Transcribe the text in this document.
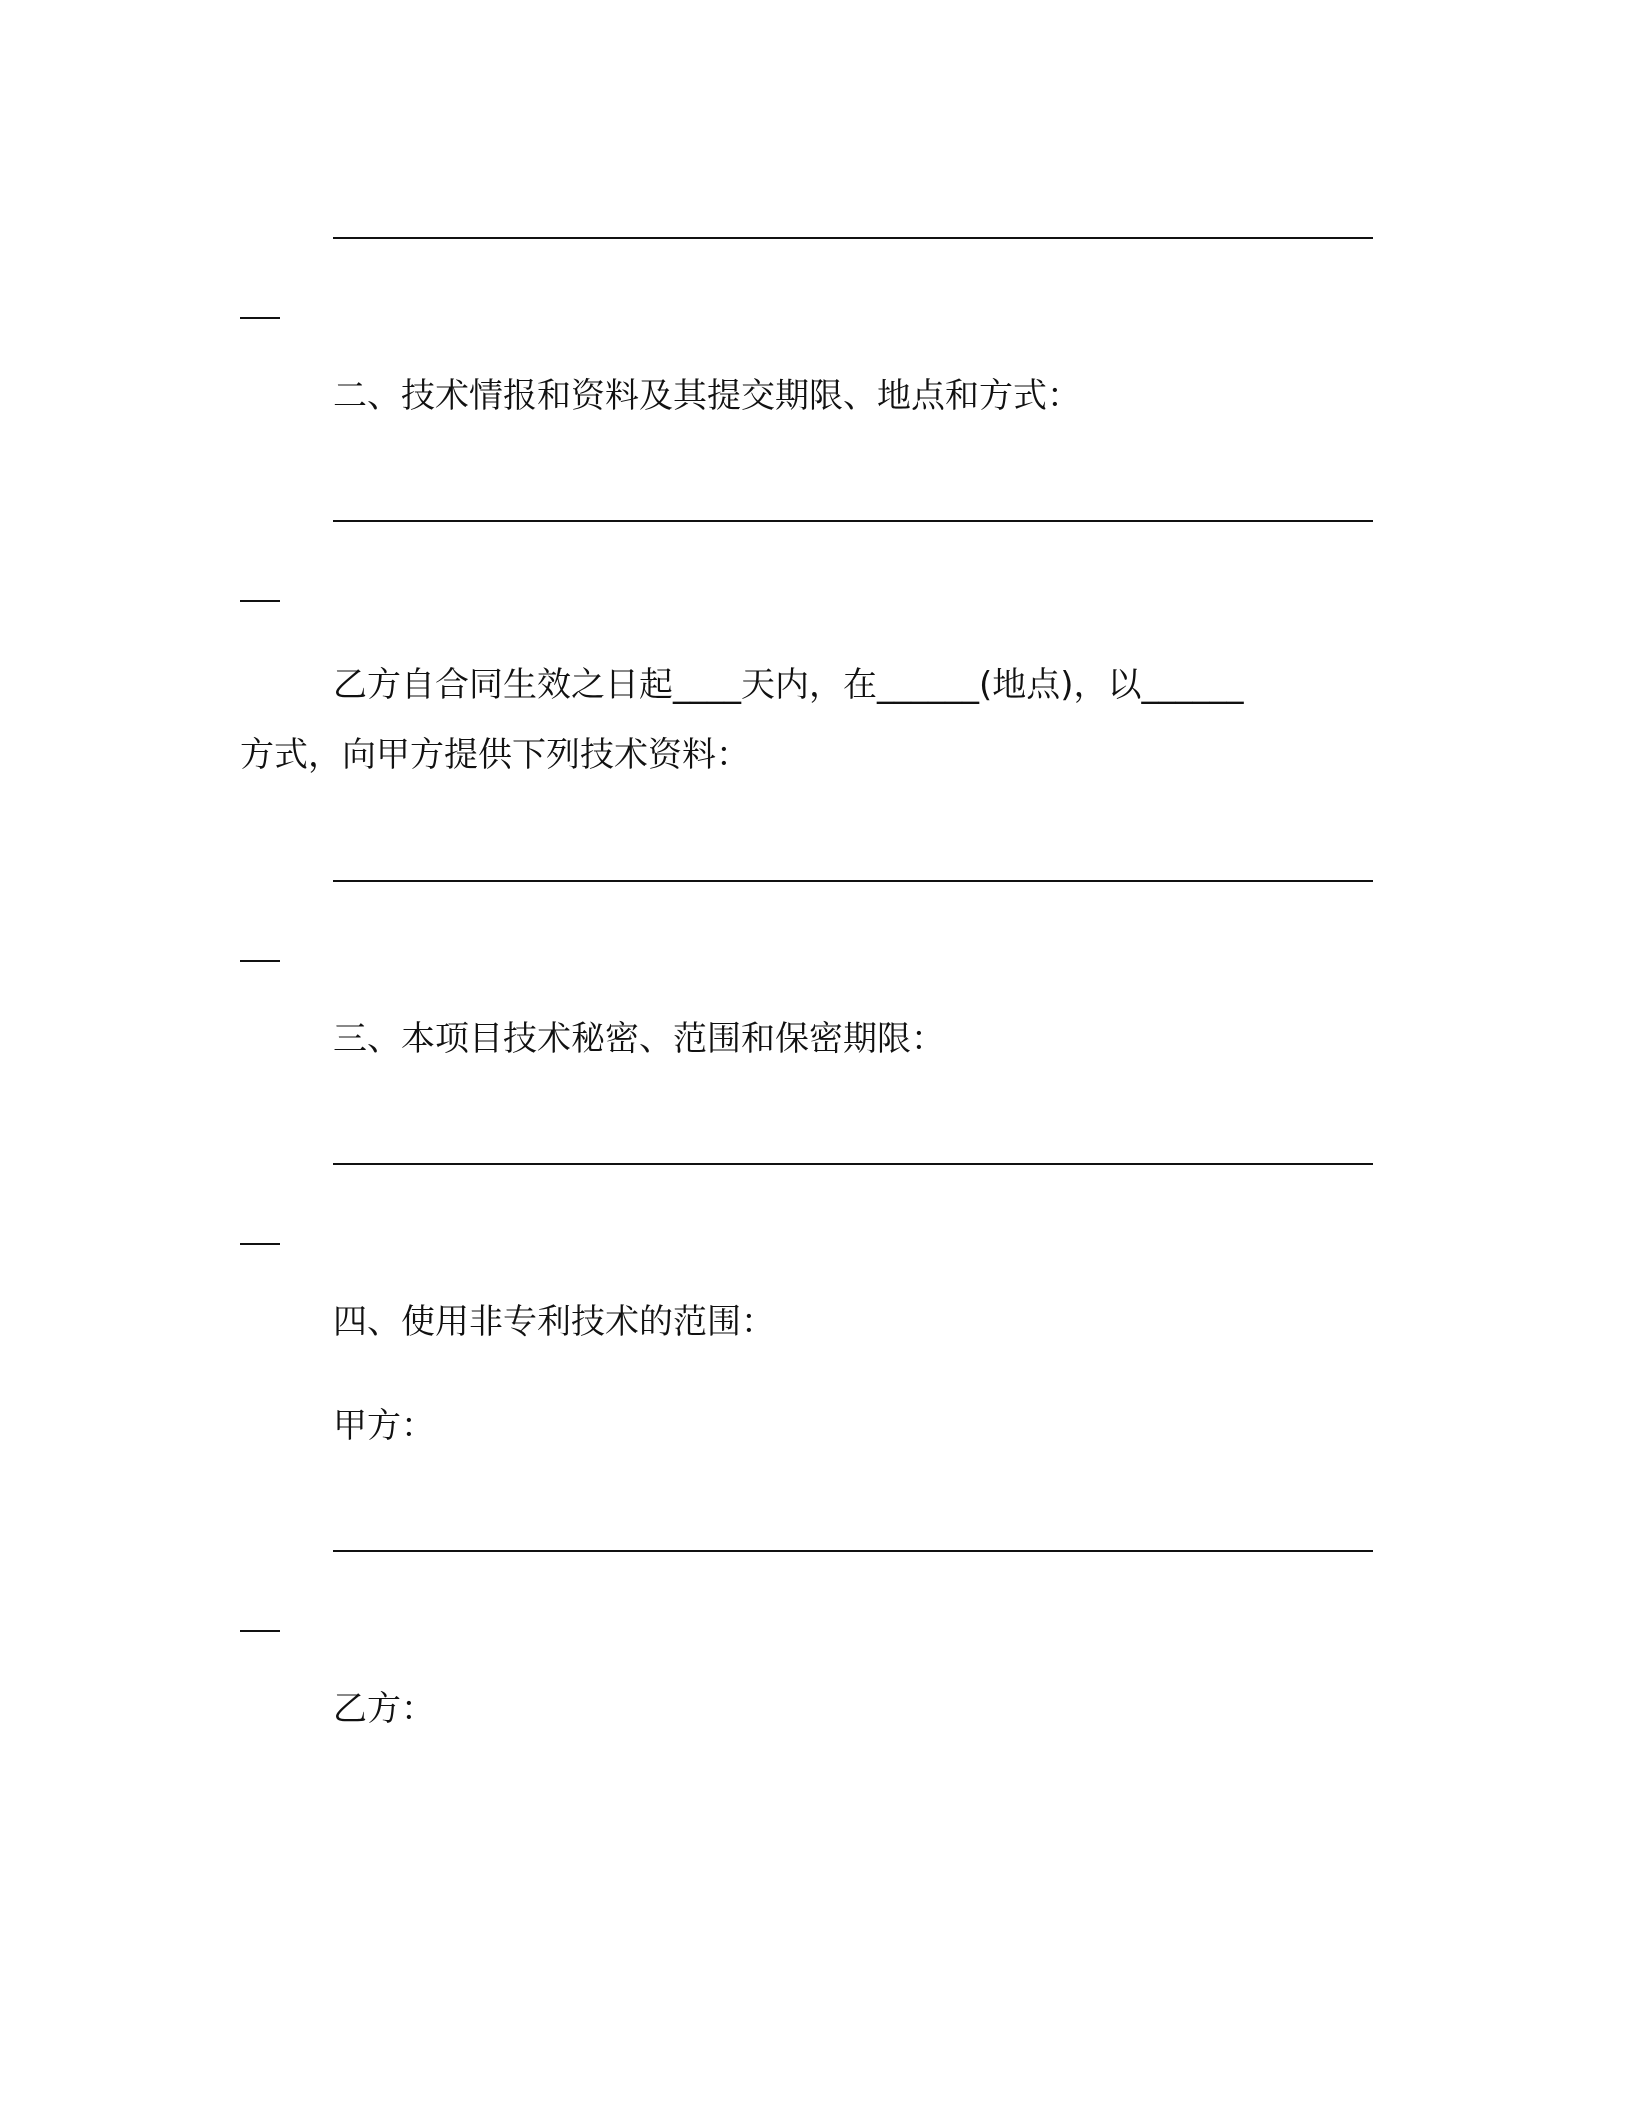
二、技术情报和资料及其提交期限、地点和方式：
乙方自合同生效之日起____天内，在______(地点)，以______
方式，向甲方提供下列技术资料：
三、本项目技术秘密、范围和保密期限：
四、使用非专利技术的范围：
甲方：
乙方：
